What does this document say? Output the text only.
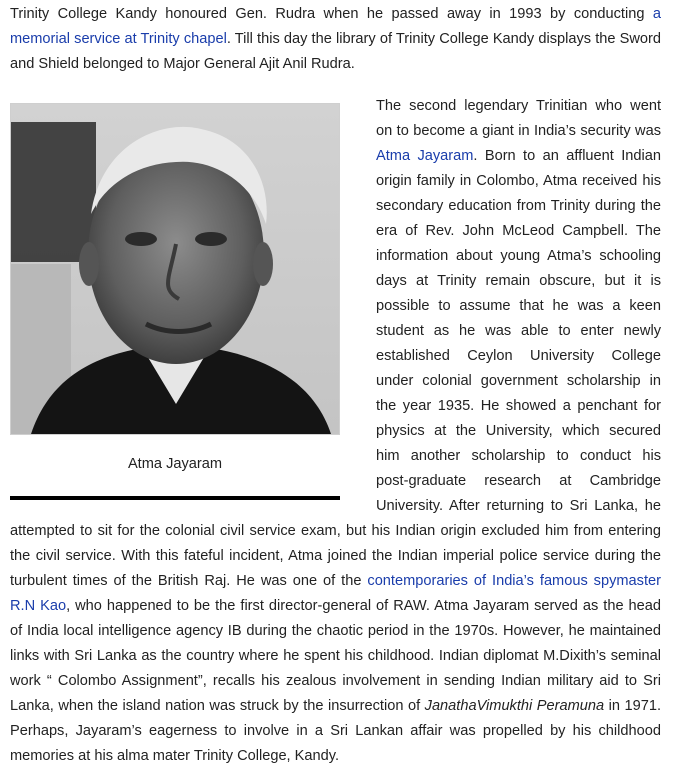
Trinity College Kandy honoured Gen. Rudra when he passed away in 1993 by conducting a memorial service at Trinity chapel. Till this day the library of Trinity College Kandy displays the Sword and Shield belonged to Major General Ajit Anil Rudra.

Atma Jayaram

The second legendary Trinitian who went on to become a giant in India’s security was Atma Jayaram. Born to an affluent Indian origin family in Colombo, Atma received his secondary education from Trinity during the era of Rev. John McLeod Campbell. The information about young Atma’s schooling days at Trinity remain obscure, but it is possible to assume that he was a keen student as he was able to enter newly established Ceylon University College under colonial government scholarship in the year 1935. He showed a penchant for physics at the University, which secured him another scholarship to conduct his post-graduate research at Cambridge University. After returning to Sri Lanka, he attempted to sit for the colonial civil service exam, but his Indian origin excluded him from entering the civil service. With this fateful incident, Atma joined the Indian imperial police service during the turbulent times of the British Raj. He was one of the contemporaries of India’s famous spymaster R.N Kao, who happened to be the first director-general of RAW. Atma Jayaram served as the head of India local intelligence agency IB during the chaotic period in the 1970s. However, he maintained links with Sri Lanka as the country where he spent his childhood. Indian diplomat M.Dixith’s seminal work “ Colombo Assignment”, recalls his zealous involvement in sending Indian military aid to Sri Lanka, when the island nation was struck by the insurrection of JanathaVimukthi Peramuna in 1971. Perhaps, Jayaram’s eagerness to involve in a Sri Lankan affair was propelled by his childhood memories at his alma mater Trinity College, Kandy.
